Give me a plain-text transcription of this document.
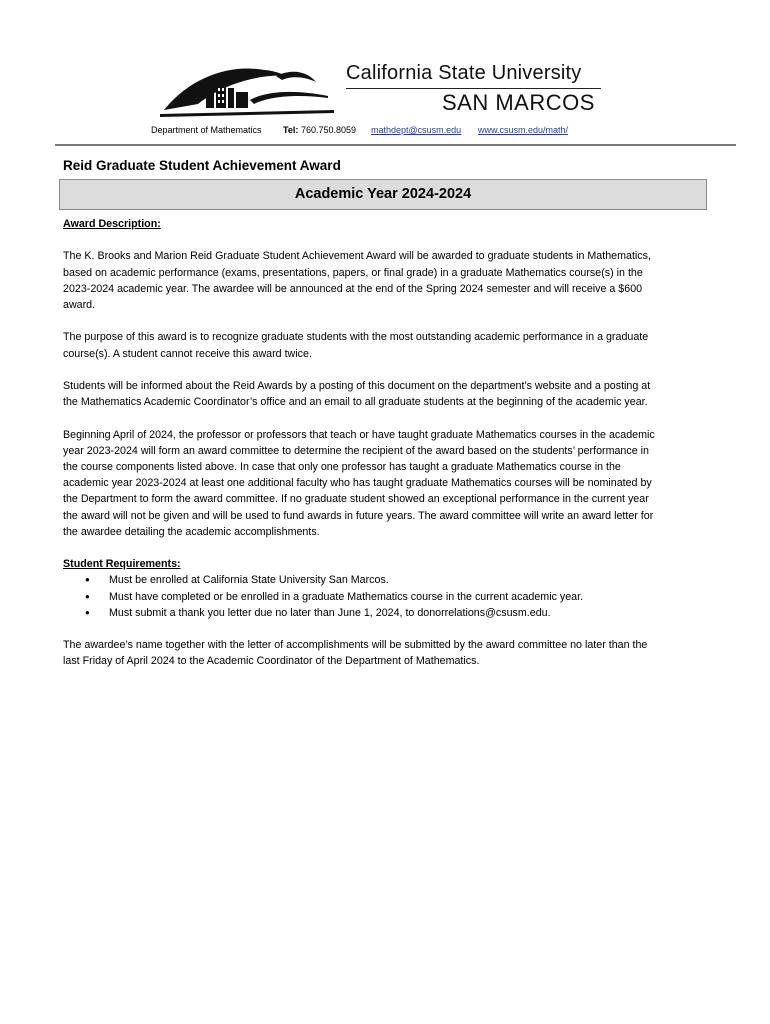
California State University
SAN MARCOS
Department of Mathematics Tel: 760.750.8059 mathdept@csusm.edu www.csusm.edu/math/
Reid Graduate Student Achievement Award
Academic Year 2024-2024

Award Description:

The K. Brooks and Marion Reid Graduate Student Achievement Award will be awarded to graduate students in Mathematics, based on academic performance (exams, presentations, papers, or final grade) in a graduate Mathematics course(s) in the 2023-2024 academic year. The awardee will be announced at the end of the Spring 2024 semester and will receive a $600 award.

The purpose of this award is to recognize graduate students with the most outstanding academic performance in a graduate course(s). A student cannot receive this award twice.

Students will be informed about the Reid Awards by a posting of this document on the department’s website and a posting at the Mathematics Academic Coordinator’s office and an email to all graduate students at the beginning of the academic year.

Beginning April of 2024, the professor or professors that teach or have taught graduate Mathematics courses in the academic year 2023-2024 will form an award committee to determine the recipient of the award based on the students’ performance in the course components listed above. In case that only one professor has taught a graduate Mathematics course in the academic year 2023-2024 at least one additional faculty who has taught graduate Mathematics courses will be nominated by the Department to form the award committee. If no graduate student showed an exceptional performance in the current year the award will not be given and will be used to fund awards in future years. The award committee will write an award letter for the awardee detailing the academic accomplishments.

Student Requirements:

● Must be enrolled at California State University San Marcos.
● Must have completed or be enrolled in a graduate Mathematics course in the current academic year.
● Must submit a thank you letter due no later than June 1, 2024, to donorrelations@csusm.edu.

The awardee’s name together with the letter of accomplishments will be submitted by the award committee no later than the last Friday of April 2024 to the Academic Coordinator of the Department of Mathematics.
